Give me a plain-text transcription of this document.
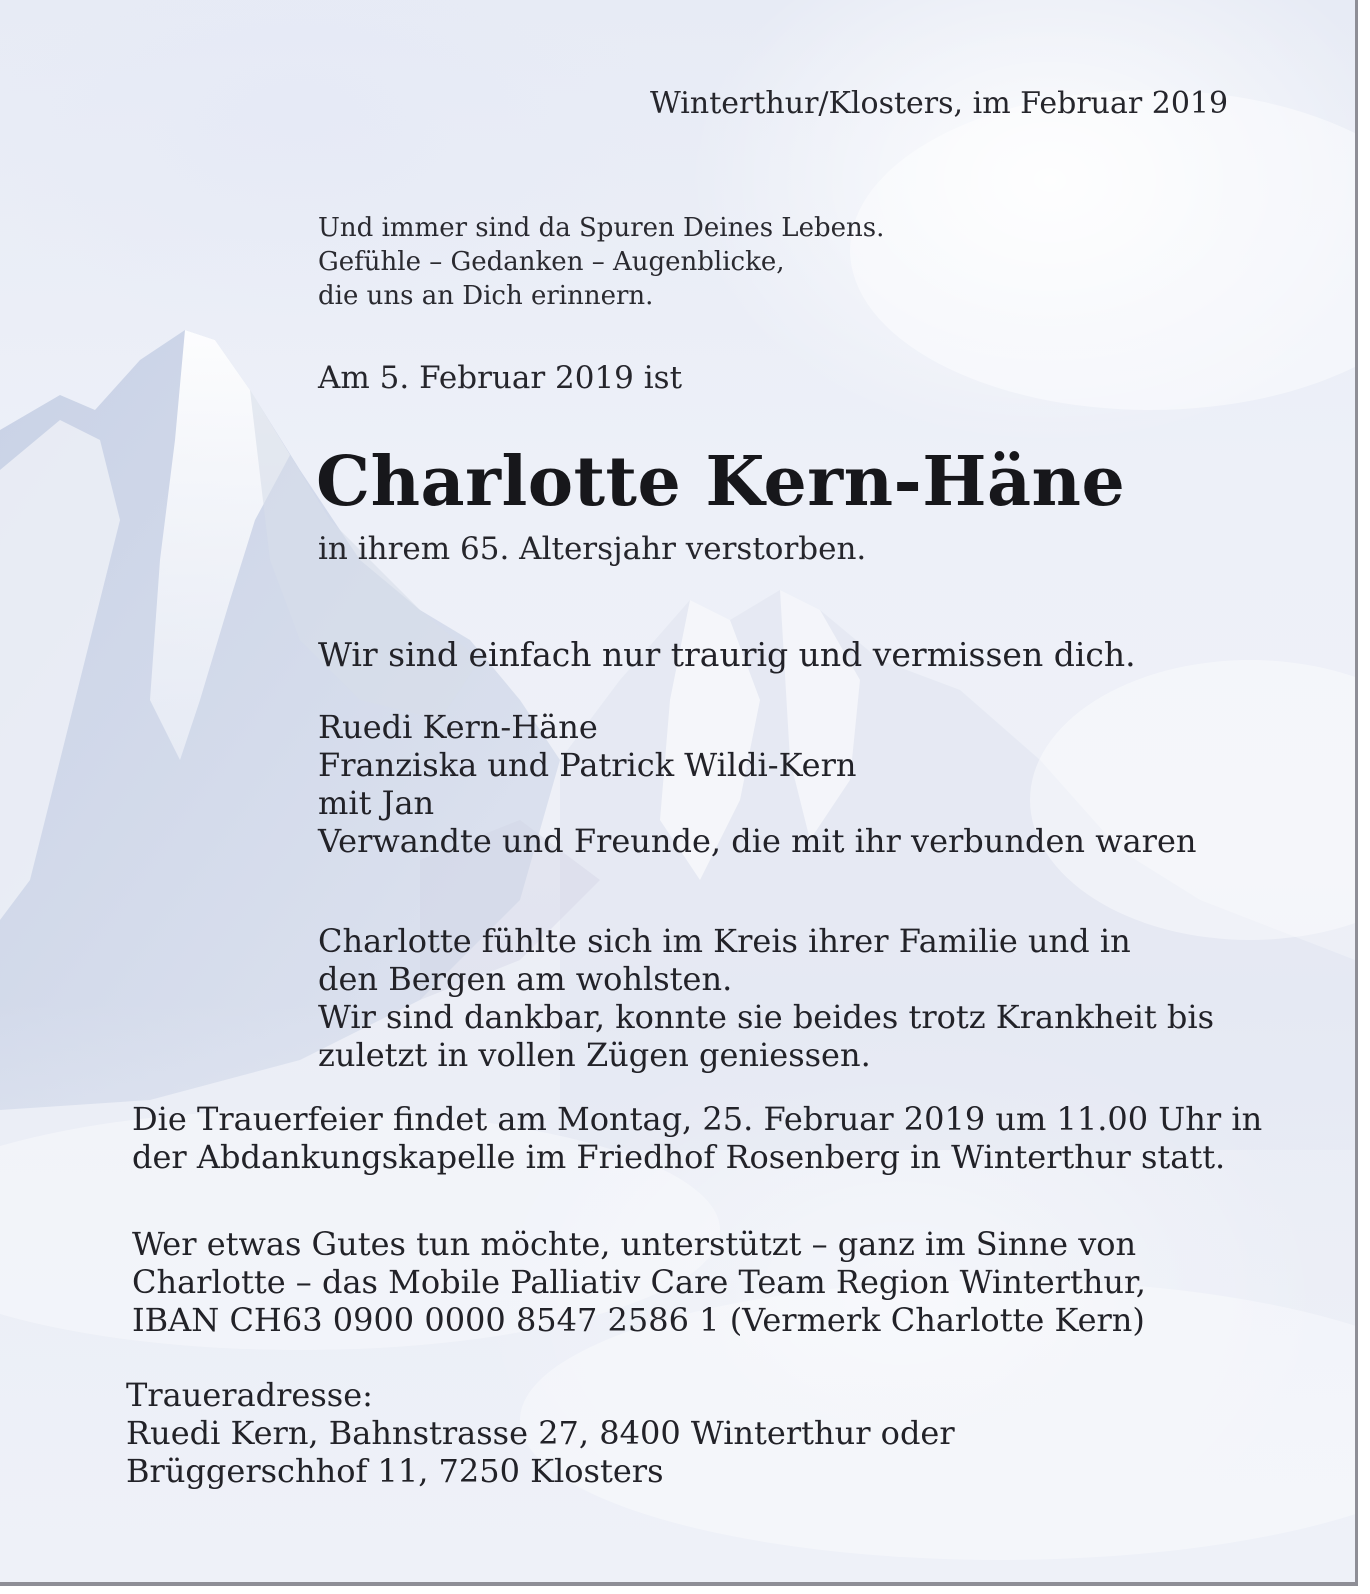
Winterthur/Klosters, im Februar 2019

Und immer sind da Spuren Deines Lebens.
Gefühle – Gedanken – Augenblicke,
die uns an Dich erinnern.

Am 5. Februar 2019 ist

Charlotte Kern-Häne

in ihrem 65. Altersjahr verstorben.

Wir sind einfach nur traurig und vermissen dich.

Ruedi Kern-Häne
Franziska und Patrick Wildi-Kern
mit Jan
Verwandte und Freunde, die mit ihr verbunden waren
Charlotte fühlte sich im Kreis ihrer Familie und in
den Bergen am wohlsten.
Wir sind dankbar, konnte sie beides trotz Krankheit bis
zuletzt in vollen Zügen geniessen.
Die Trauerfeier findet am Montag, 25. Februar 2019 um 11.00 Uhr in
der Abdankungskapelle im Friedhof Rosenberg in Winterthur statt.
Wer etwas Gutes tun möchte, unterstützt – ganz im Sinne von
Charlotte – das Mobile Palliativ Care Team Region Winterthur,
IBAN CH63 0900 0000 8547 2586 1 (Vermerk Charlotte Kern)
Traueradresse:
Ruedi Kern, Bahnstrasse 27, 8400 Winterthur oder
Brüggerschhof 11, 7250 Klosters
